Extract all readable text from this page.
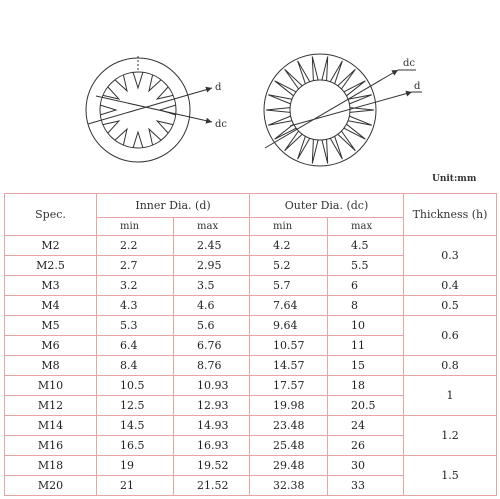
d
dc
dc
d
Unit:mm
Spec.	Inner Dia. (d)		Outer Dia. (dc)		Thickness (h)
	min	max	min	max	
M2	2.2	2.45	4.2	4.5	0.3
M2.5	2.7	2.95	5.2	5.5	
M3	3.2	3.5	5.7	6	0.4
M4	4.3	4.6	7.64	8	0.5
M5	5.3	5.6	9.64	10	0.6
M6	6.4	6.76	10.57	11	
M8	8.4	8.76	14.57	15	0.8
M10	10.5	10.93	17.57	18	1
M12	12.5	12.93	19.98	20.5	
M14	14.5	14.93	23.48	24	1.2
M16	16.5	16.93	25.48	26	
M18	19	19.52	29.48	30	1.5
M20	21	21.52	32.38	33	
